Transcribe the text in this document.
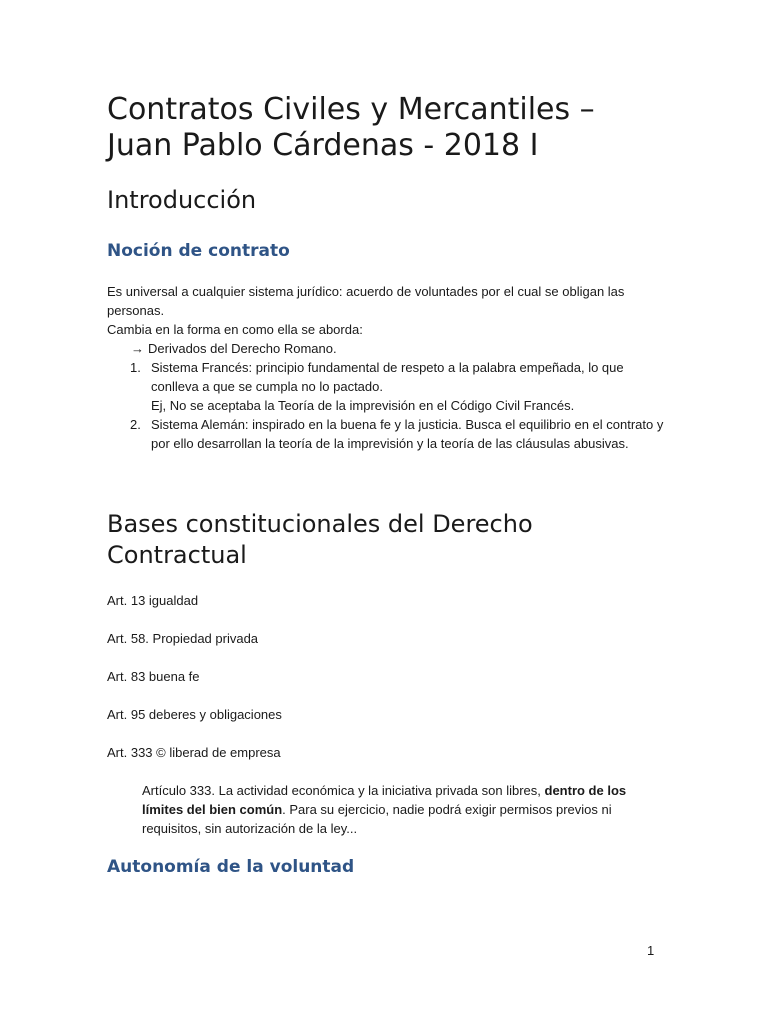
Contratos Civiles y Mercantiles –
Juan Pablo Cárdenas - 2018 I
Introducción
Noción de contrato

Es universal a cualquier sistema jurídico: acuerdo de voluntades por el cual se obligan las personas.

Cambia en la forma en como ella se aborda:

→ Derivados del Derecho Romano.

1. Sistema Francés: principio fundamental de respeto a la palabra empeñada, lo que conlleva a que se cumpla no lo pactado.
Ej, No se aceptaba la Teoría de la imprevisión en el Código Civil Francés.
2. Sistema Alemán: inspirado en la buena fe y la justicia. Busca el equilibrio en el contrato y por ello desarrollan la teoría de la imprevisión y la teoría de las cláusulas abusivas.
Bases constitucionales del Derecho
Contractual

Art. 13 igualdad

Art. 58. Propiedad privada

Art. 83 buena fe

Art. 95 deberes y obligaciones

Art. 333 © liberad de empresa

Artículo 333. La actividad económica y la iniciativa privada son libres, dentro de los límites del bien común. Para su ejercicio, nadie podrá exigir permisos previos ni requisitos, sin autorización de la ley...

Autonomía de la voluntad
1
